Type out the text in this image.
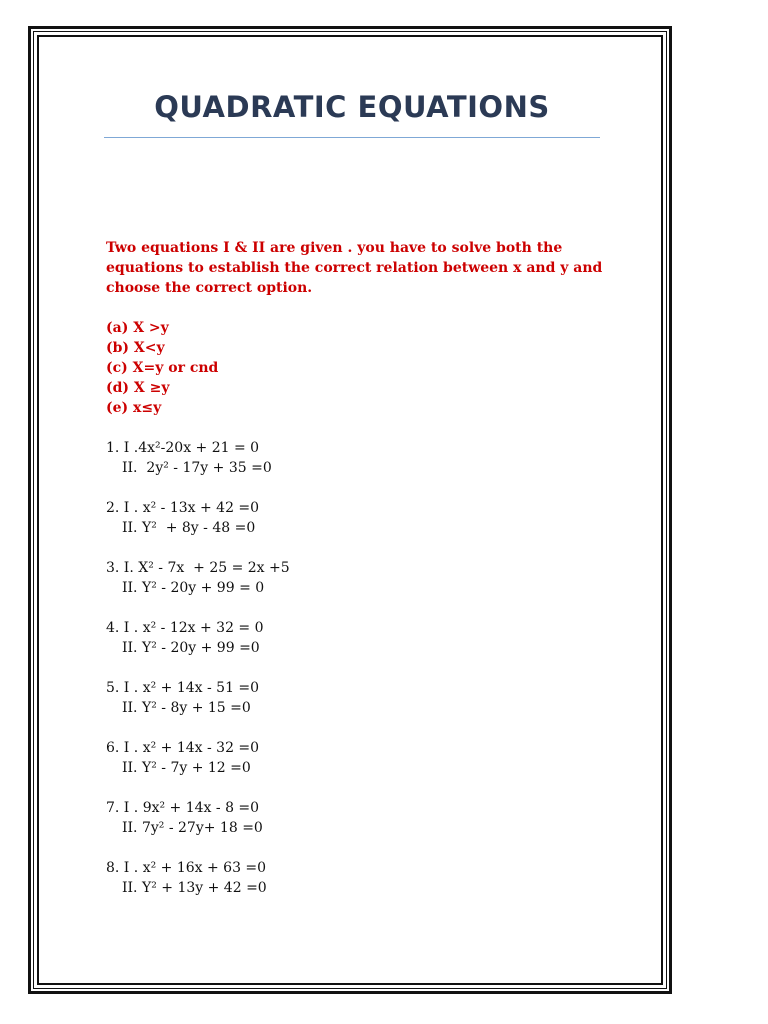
QUADRATIC EQUATIONS

Two equations I & II are given . you have to solve both the equations to establish the correct relation between x and y and choose the correct option.

(a) X >y
(b) X<y
(c) X=y or cnd
(d) X ≥y
(e) x≤y
1. I .4x²-20x + 21 = 0
II.  2y² - 17y + 35 =0
2. I . x² - 13x + 42 =0
II. Y²  + 8y - 48 =0
3. I. X² - 7x  + 25 = 2x +5
II. Y² - 20y + 99 = 0
4. I . x² - 12x + 32 = 0
II. Y² - 20y + 99 =0
5. I . x² + 14x - 51 =0
II. Y² - 8y + 15 =0
6. I . x² + 14x - 32 =0
II. Y² - 7y + 12 =0
7. I . 9x² + 14x - 8 =0
II. 7y² - 27y+ 18 =0
8. I . x² + 16x + 63 =0
II. Y² + 13y + 42 =0
